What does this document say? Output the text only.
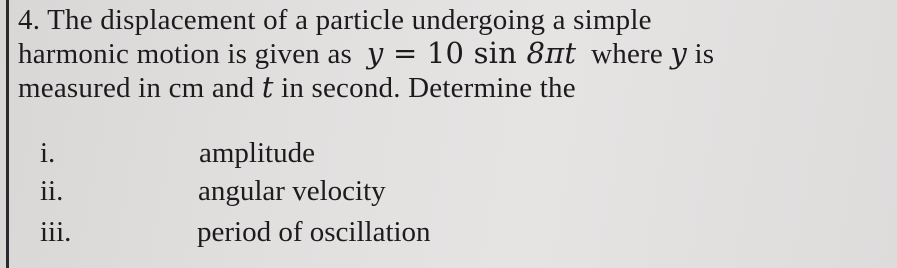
4. The displacement of a particle undergoing a simple
harmonic motion is given as y = 10 sin 8πt where y is
measured in cm and t in second. Determine the
i.	amplitude
ii.	angular velocity
iii.	period of oscillation
